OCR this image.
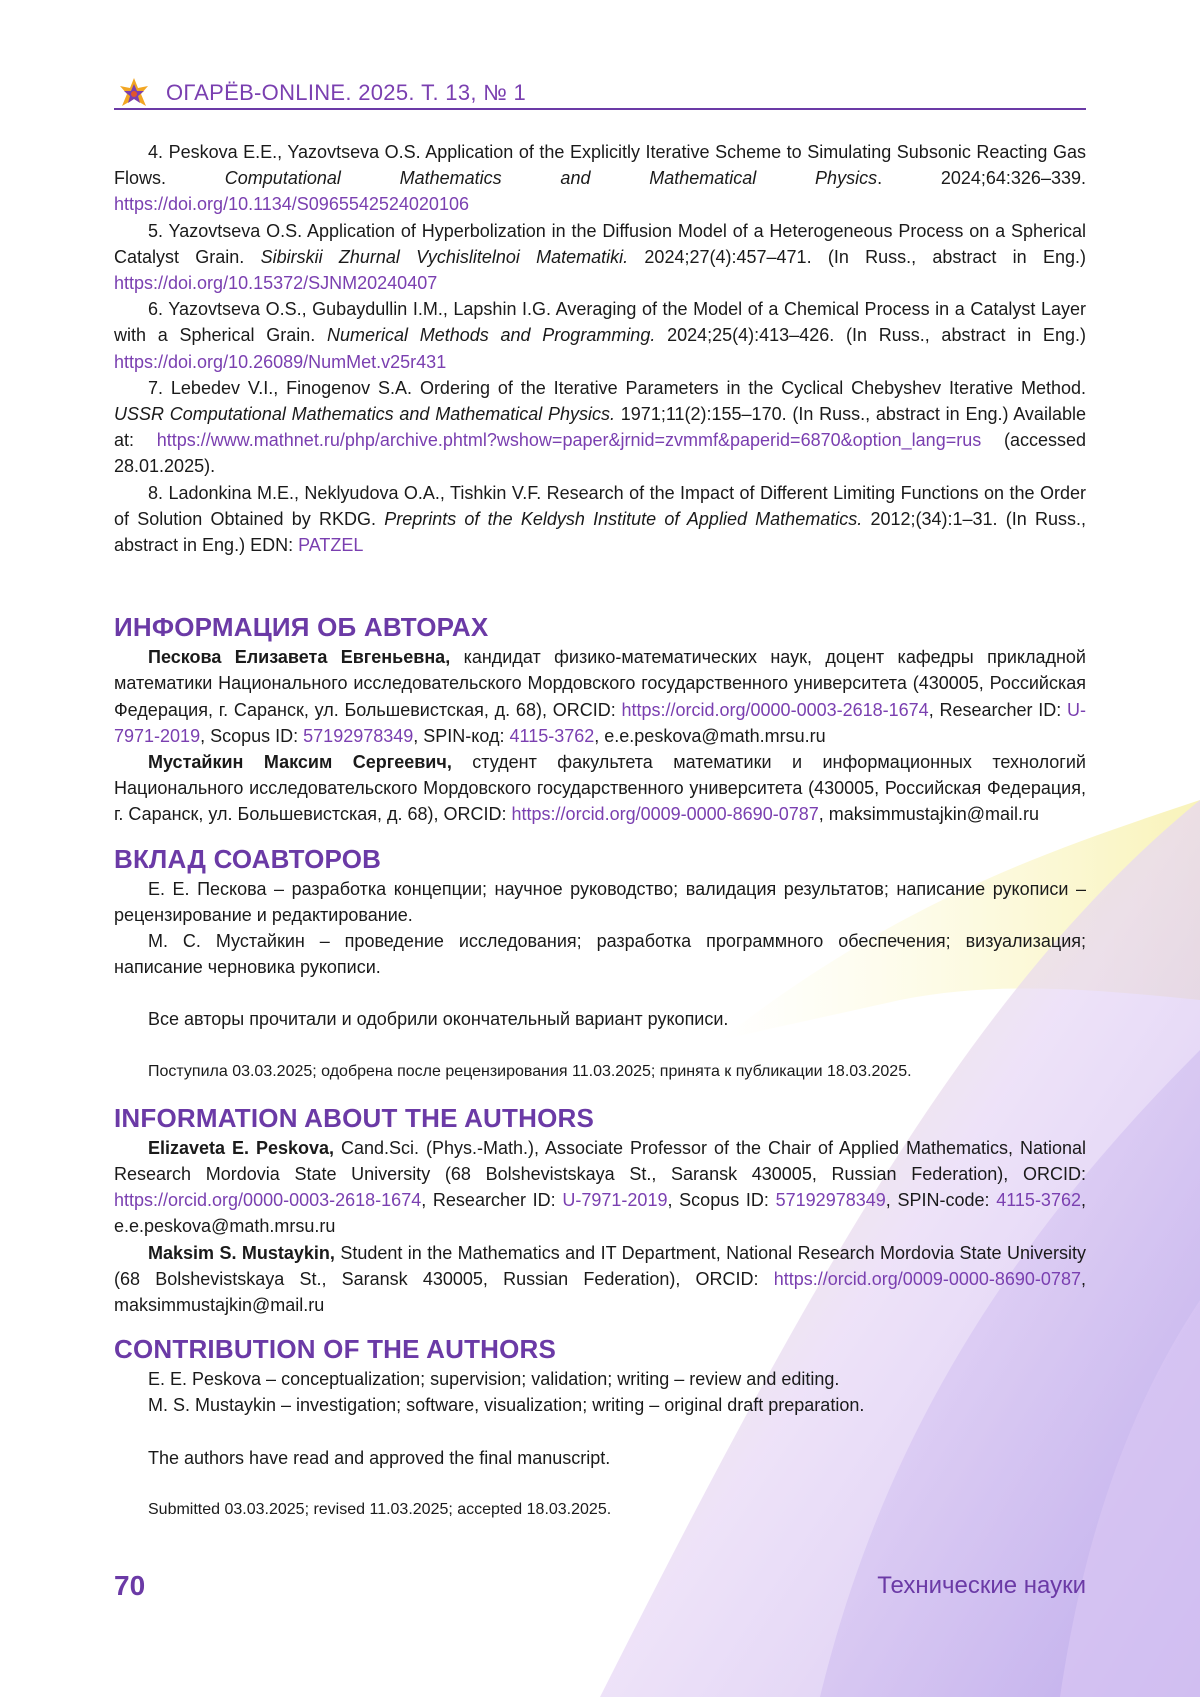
ОГАРЁВ-ONLINE. 2025. Т. 13, № 1

4. Peskova E.E., Yazovtseva O.S. Application of the Explicitly Iterative Scheme to Simulating Subsonic Reacting Gas Flows.	Computational Mathematics and Mathematical Physics. 2024;64:326–339. https://doi.org/10.1134/S0965542524020106

5. Yazovtseva O.S. Application of Hyperbolization in the Diffusion Model of a Heterogeneous Process on a Spherical Catalyst Grain. Sibirskii Zhurnal Vychislitelnoi Matematiki. 2024;27(4):457–471. (In Russ., abstract in Eng.) https://doi.org/10.15372/SJNM20240407

6. Yazovtseva O.S., Gubaydullin I.M., Lapshin I.G. Averaging of the Model of a Chemical Process in a Catalyst Layer with a Spherical Grain. Numerical Methods and Programming. 2024;25(4):413–426. (In Russ., abstract in Eng.) https://doi.org/10.26089/NumMet.v25r431

7. Lebedev V.I., Finogenov S.A. Ordering of the Iterative Parameters in the Cyclical Chebyshev Iterative Method. USSR Computational Mathematics and Mathematical Physics. 1971;11(2):155–170. (In Russ., abstract in Eng.) Available at: https://www.mathnet.ru/php/archive.phtml?wshow=paper&jrnid=zvmmf&paperid=6870&option_lang=rus (accessed 28.01.2025).

8. Ladonkina M.E., Neklyudova O.A., Tishkin V.F. Research of the Impact of Different Limiting Functions on the Order of Solution Obtained by RKDG. Preprints of the Keldysh Institute of Applied Mathematics. 2012;(34):1–31. (In Russ., abstract in Eng.) EDN: PATZEL

ИНФОРМАЦИЯ ОБ АВТОРАХ

Пескова Елизавета Евгеньевна, кандидат физико-математических наук, доцент кафедры прикладной математики Национального исследовательского Мордовского государственного университета (430005, Российская Федерация, г. Саранск, ул. Большевистская, д. 68), ORCID: https://orcid.org/0000-0003-2618-1674, Researcher ID: U-7971-2019, Scopus ID: 57192978349, SPIN-код: 4115-3762, e.e.peskova@math.mrsu.ru

Мустайкин Максим Сергеевич, студент факультета математики и информационных технологий Национального исследовательского Мордовского государственного университета (430005, Российская Федерация, г. Саранск, ул. Большевистская, д. 68), ORCID: https://orcid.org/0009-0000-8690-0787, maksimmustajkin@mail.ru

ВКЛАД СОАВТОРОВ

Е. Е. Пескова – разработка концепции; научное руководство; валидация результатов; написание рукописи – рецензирование и редактирование.

М. С. Мустайкин – проведение исследования; разработка программного обеспечения; визуализация; написание черновика рукописи.

Все авторы прочитали и одобрили окончательный вариант рукописи.

Поступила 03.03.2025; одобрена после рецензирования 11.03.2025; принята к публикации 18.03.2025.

INFORMATION ABOUT THE AUTHORS

Elizaveta E. Peskova, Cand.Sci. (Phys.-Math.), Associate Professor of the Chair of Applied Mathematics, National Research Mordovia State University (68 Bolshevistskaya St., Saransk 430005, Russian Federation), ORCID: https://orcid.org/0000-0003-2618-1674, Researcher ID: U-7971-2019, Scopus ID: 57192978349, SPIN-code: 4115-3762, e.e.peskova@math.mrsu.ru

Maksim S. Mustaykin, Student in the Mathematics and IT Department, National Research Mordovia State University (68 Bolshevistskaya St., Saransk 430005, Russian Federation), ORCID: https://orcid.org/0009-0000-8690-0787, maksimmustajkin@mail.ru

CONTRIBUTION OF THE AUTHORS

E. E. Peskova – conceptualization; supervision; validation; writing – review and editing.

M. S. Mustaykin – investigation; software, visualization; writing – original draft preparation.

The authors have read and approved the final manuscript.

Submitted 03.03.2025; revised 11.03.2025; accepted 18.03.2025.

70	Технические науки
